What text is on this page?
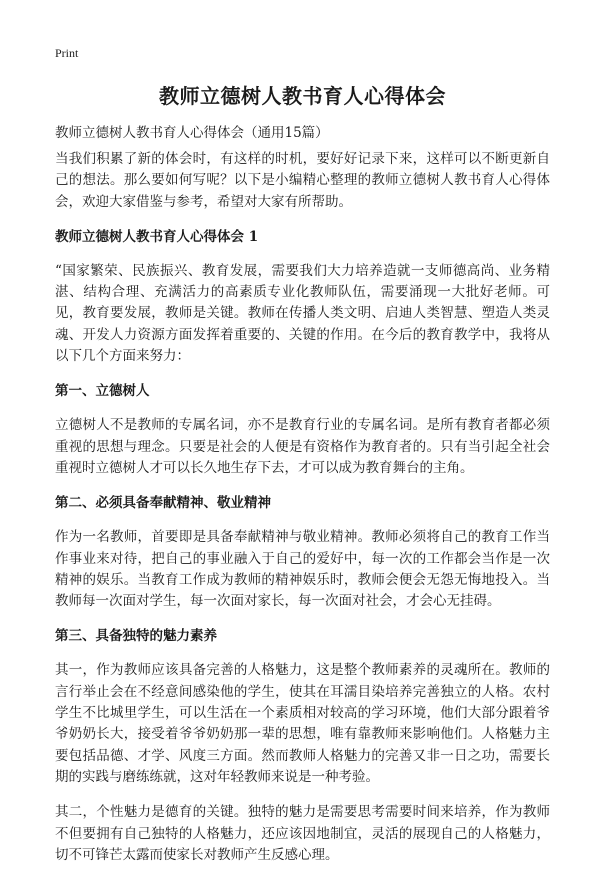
Print
教师立德树人教书育人心得体会

教师立德树人教书育人心得体会（通用15篇）

当我们积累了新的体会时，有这样的时机，要好好记录下来，这样可以不断更新自己的想法。那么要如何写呢？以下是小编精心整理的教师立德树人教书育人心得体会，欢迎大家借鉴与参考，希望对大家有所帮助。

教师立德树人教书育人心得体会 1

“国家繁荣、民族振兴、教育发展，需要我们大力培养造就一支师德高尚、业务精湛、结构合理、充满活力的高素质专业化教师队伍，需要涌现一大批好老师。可见，教育要发展，教师是关键。教师在传播人类文明、启迪人类智慧、塑造人类灵魂、开发人力资源方面发挥着重要的、关键的作用。在今后的教育教学中，我将从以下几个方面来努力：

第一、立德树人

立德树人不是教师的专属名词，亦不是教育行业的专属名词。是所有教育者都必须重视的思想与理念。只要是社会的人便是有资格作为教育者的。只有当引起全社会重视时立德树人才可以长久地生存下去，才可以成为教育舞台的主角。

第二、必须具备奉献精神、敬业精神

作为一名教师，首要即是具备奉献精神与敬业精神。教师必须将自己的教育工作当作事业来对待，把自己的事业融入于自己的爱好中，每一次的工作都会当作是一次精神的娱乐。当教育工作成为教师的精神娱乐时，教师会便会无怨无悔地投入。当教师每一次面对学生，每一次面对家长，每一次面对社会，才会心无挂碍。

第三、具备独特的魅力素养

其一，作为教师应该具备完善的人格魅力，这是整个教师素养的灵魂所在。教师的言行举止会在不经意间感染他的学生，使其在耳濡目染培养完善独立的人格。农村学生不比城里学生，可以生活在一个素质相对较高的学习环境，他们大部分跟着爷爷奶奶长大，接受着爷爷奶奶那一辈的思想，唯有靠教师来影响他们。人格魅力主要包括品德、才学、风度三方面。然而教师人格魅力的完善又非一日之功，需要长期的实践与磨练练就，这对年轻教师来说是一种考验。

其二，个性魅力是德育的关键。独特的魅力是需要思考需要时间来培养，作为教师不但要拥有自己独特的人格魅力，还应该因地制宜，灵活的展现自己的人格魅力，切不可锋芒太露而使家长对教师产生反感心理。
